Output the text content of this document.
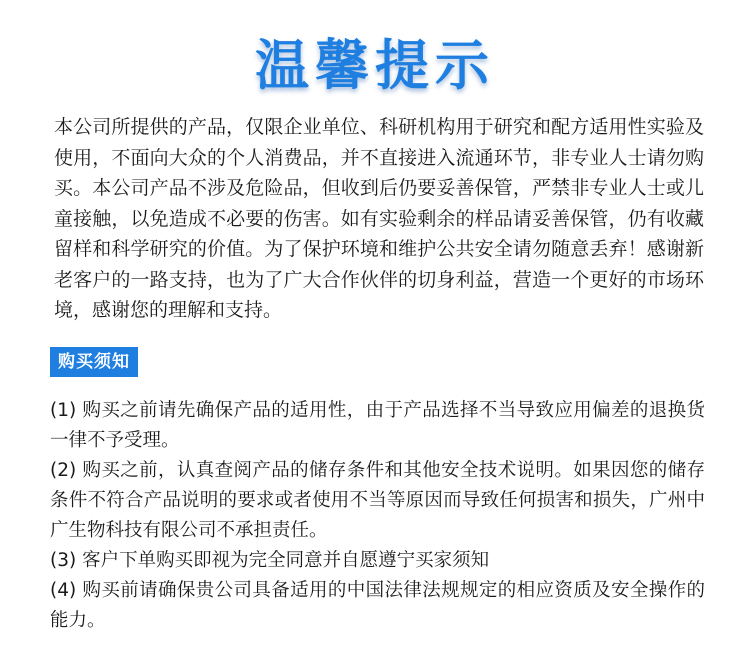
温馨提示

本公司所提供的产品，仅限企业单位、科研机构用于研究和配方适用性实验及使用，不面向大众的个人消费品，并不直接进入流通环节，非专业人士请勿购买。本公司产品不涉及危险品，但收到后仍要妥善保管，严禁非专业人士或儿童接触，以免造成不必要的伤害。如有实验剩余的样品请妥善保管，仍有收藏留样和科学研究的价值。为了保护环境和维护公共安全请勿随意丢弃！感谢新老客户的一路支持，也为了广大合作伙伴的切身利益，营造一个更好的市场环境，感谢您的理解和支持。

购买须知
(1) 购买之前请先确保产品的适用性，由于产品选择不当导致应用偏差的退换货一律不予受理。
(2) 购买之前，认真查阅产品的储存条件和其他安全技术说明。如果因您的储存条件不符合产品说明的要求或者使用不当等原因而导致任何损害和损失，广州中广生物科技有限公司不承担责任。
(3) 客户下单购买即视为完全同意并自愿遵宁买家须知
(4) 购买前请确保贵公司具备适用的中国法律法规规定的相应资质及安全操作的能力。
